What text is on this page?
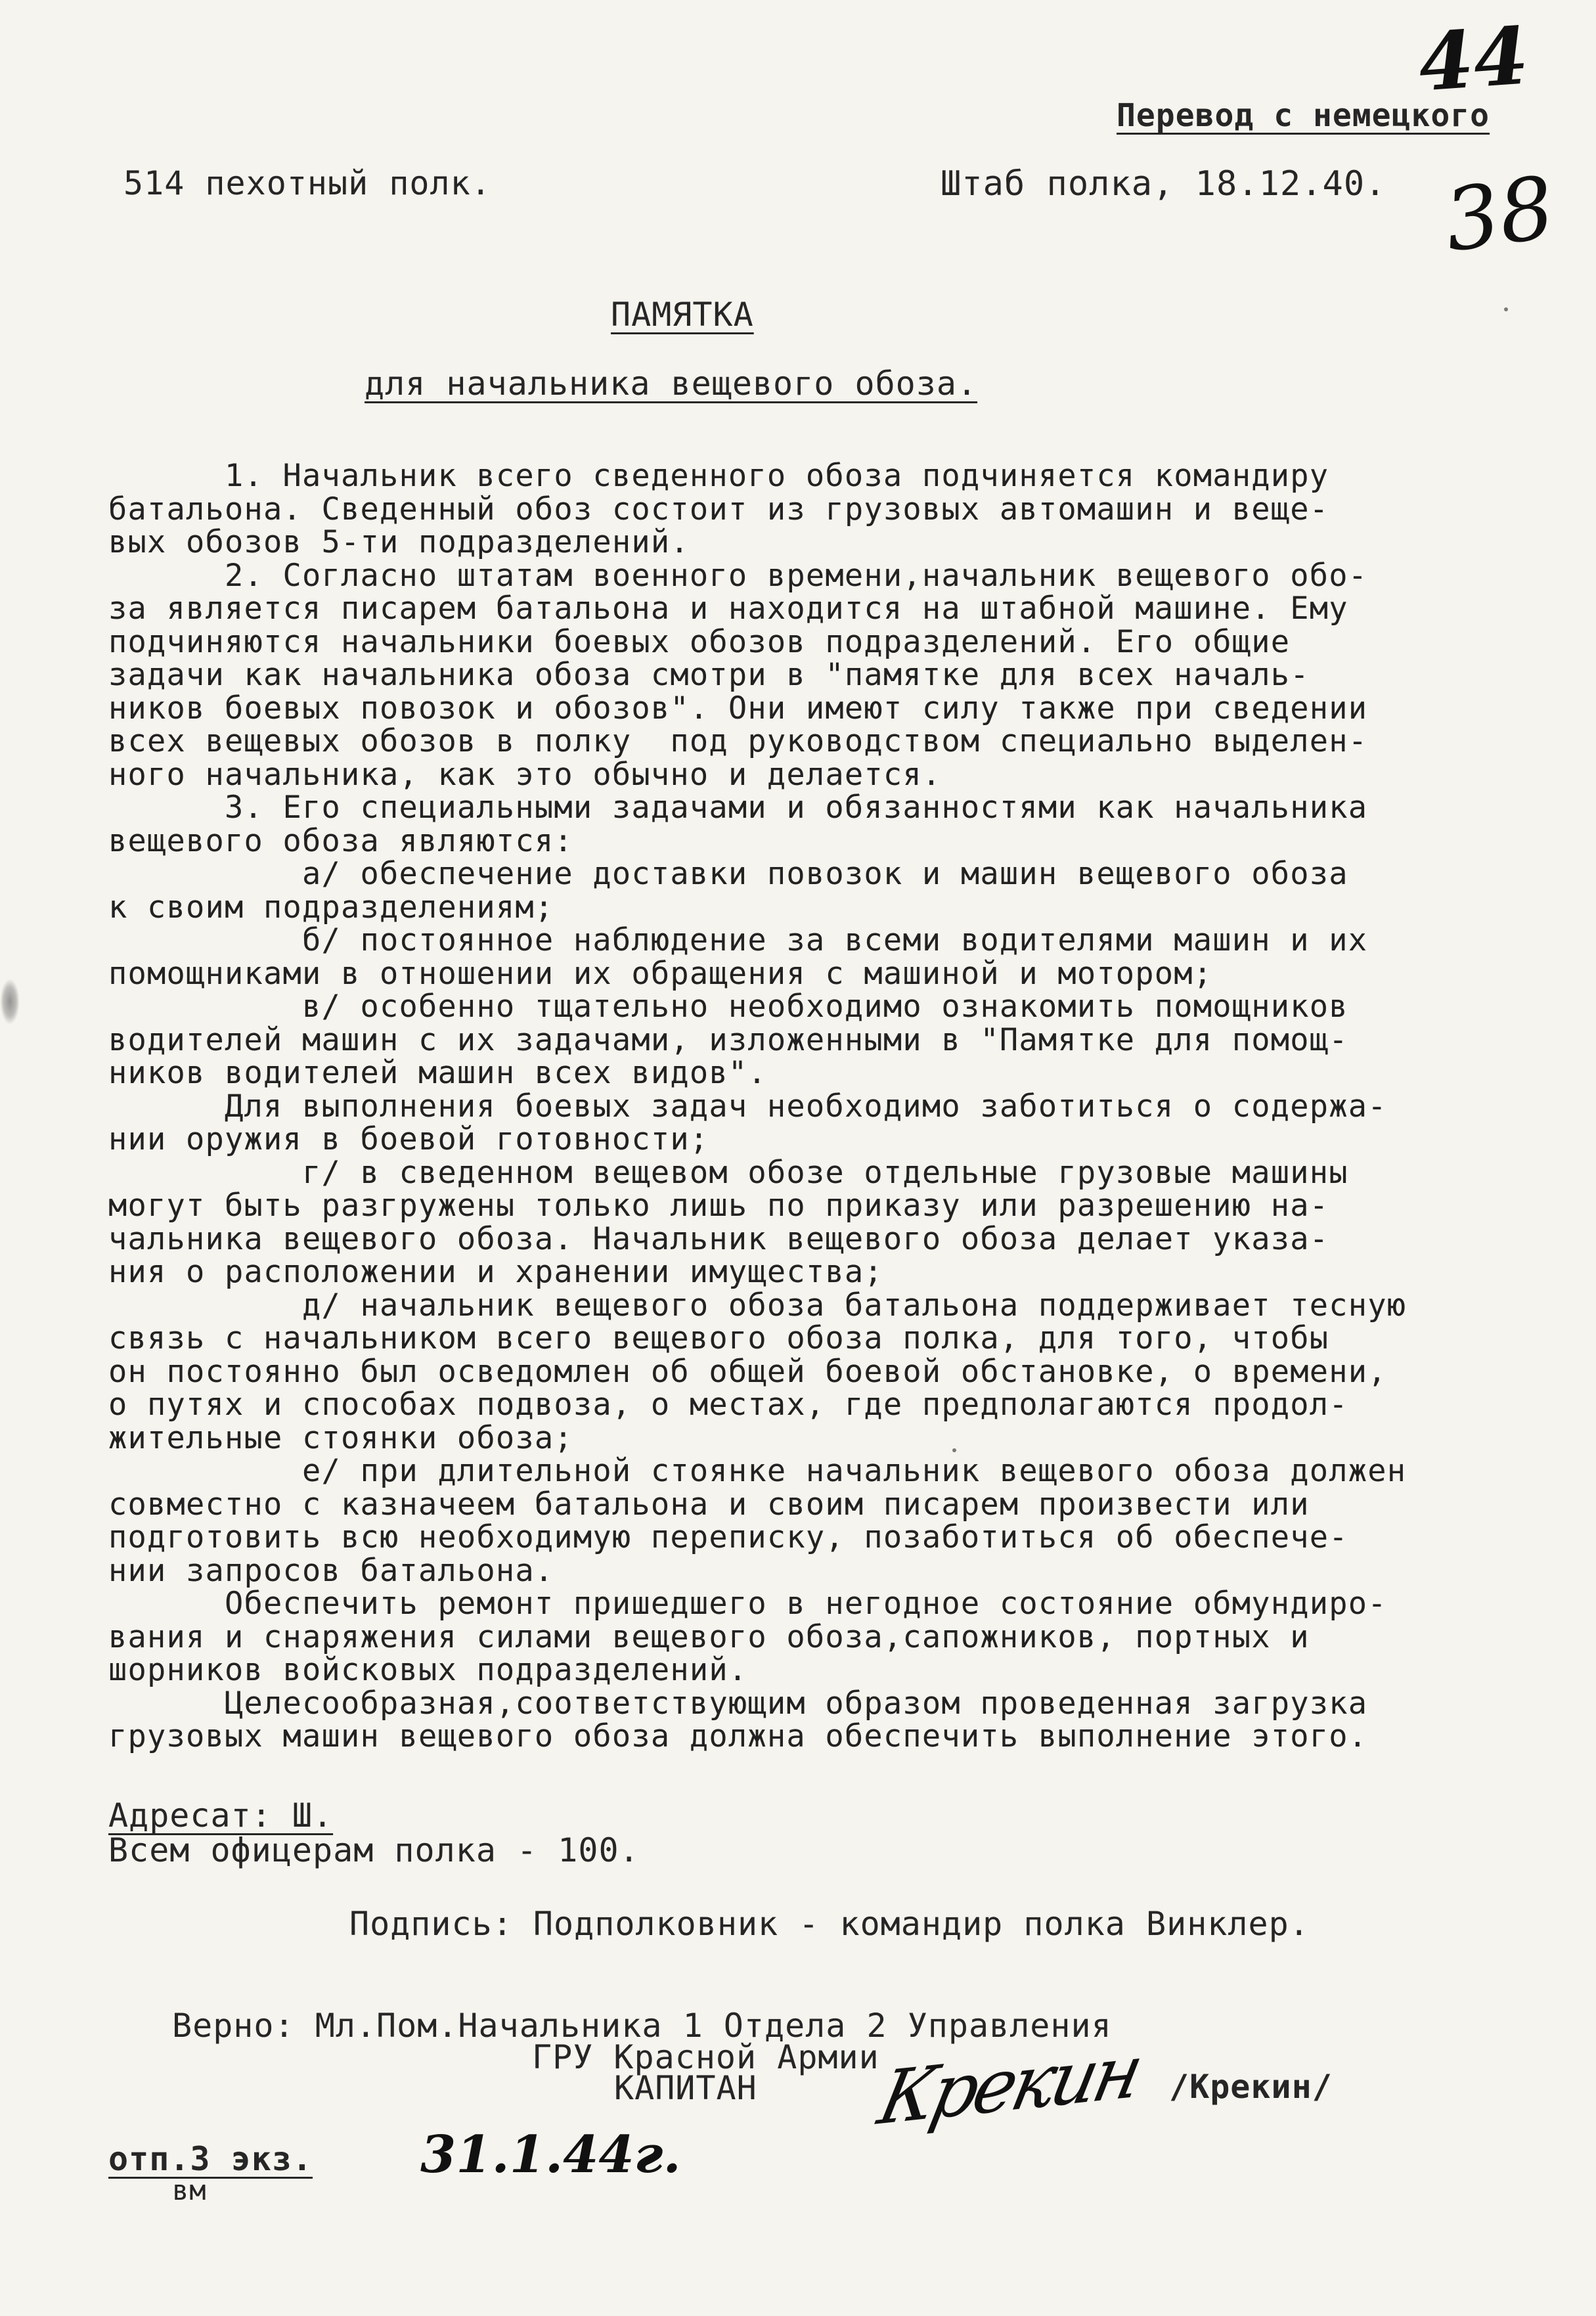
44
Перевод с немецкого
514 пехотный полк.	Штаб полка, 18.12.40. 38
ПАМЯТКА
для начальника вещевого обоза.
1. Начальник всего сведенного обоза подчиняется командиру
батальона. Сведенный обоз состоит из грузовых автомашин и веще-
вых обозов 5-ти подразделений.
2. Согласно штатам военного времени,начальник вещевого обо-
за является писарем батальона и находится на штабной машине. Ему
подчиняются начальники боевых обозов подразделений. Его общие
задачи как начальника обоза смотри в "памятке для всех началь-
ников боевых повозок и обозов". Они имеют силу также при сведении
всех вещевых обозов в полку  под руководством специально выделен-
ного начальника, как это обычно и делается.
3. Его специальными задачами и обязанностями как начальника
вещевого обоза являются:
а/ обеспечение доставки повозок и машин вещевого обоза
к своим подразделениям;
б/ постоянное наблюдение за всеми водителями машин и их
помощниками в отношении их обращения с машиной и мотором;
в/ особенно тщательно необходимо ознакомить помощников
водителей машин с их задачами, изложенными в "Памятке для помощ-
ников водителей машин всех видов".
Для выполнения боевых задач необходимо заботиться о содержа-
нии оружия в боевой готовности;
г/ в сведенном вещевом обозе отдельные грузовые машины
могут быть разгружены только лишь по приказу или разрешению на-
чальника вещевого обоза. Начальник вещевого обоза делает указа-
ния о расположении и хранении имущества;
д/ начальник вещевого обоза батальона поддерживает тесную
связь с начальником всего вещевого обоза полка, для того, чтобы
он постоянно был осведомлен об общей боевой обстановке, о времени,
о путях и способах подвоза, о местах, где предполагаются продол-
жительные стоянки обоза;
е/ при длительной стоянке начальник вещевого обоза должен
совместно с казначеем батальона и своим писарем произвести или
подготовить всю необходимую переписку, позаботиться об обеспече-
нии запросов батальона.
Обеспечить ремонт пришедшего в негодное состояние обмундиро-
вания и снаряжения силами вещевого обоза,сапожников, портных и
шорников войсковых подразделений.
Целесообразная,соответствующим образом проведенная загрузка
грузовых машин вещевого обоза должна обеспечить выполнение этого.
Адресат: Ш.
Всем офицерам полка - 100.
Подпись: Подполковник - командир полка Винклер.
Верно: Мл.Пом.Начальника 1 Отдела 2 Управления
ГРУ Красной Армии
КАПИТАН Крекин /Крекин/
отп.3 экз.
вм
31.1.44г.
